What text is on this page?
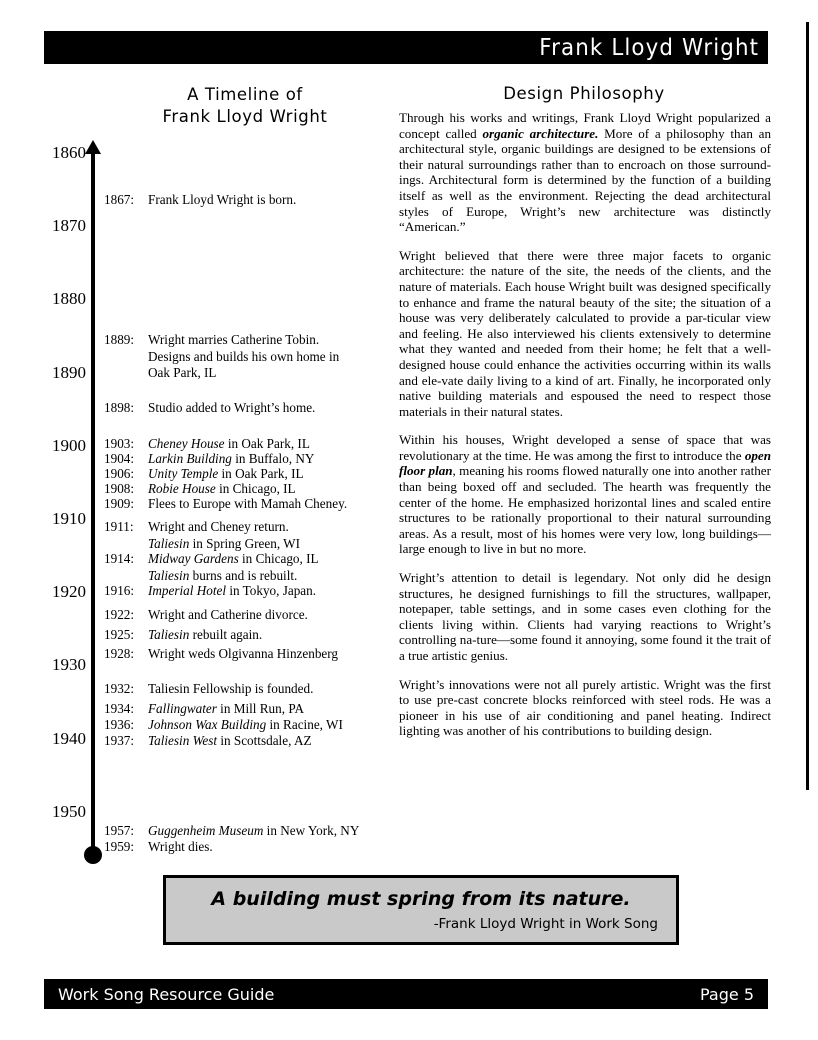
Frank Lloyd Wright
A Timeline of
Frank Lloyd Wright
Design Philosophy
1860
1870
1880
1890
1900
1910
1920
1930
1940
1950
1867: Frank Lloyd Wright is born.
1889: Wright marries Catherine Tobin.
Designs and builds his own home in
Oak Park, IL
1898: Studio added to Wright’s home.
1903: Cheney House in Oak Park, IL
1904: Larkin Building in Buffalo, NY
1906: Unity Temple in Oak Park, IL
1908: Robie House in Chicago, IL
1909: Flees to Europe with Mamah Cheney.
1911: Wright and Cheney return.
Taliesin in Spring Green, WI
1914: Midway Gardens in Chicago, IL
Taliesin burns and is rebuilt.
1916: Imperial Hotel in Tokyo, Japan.
1922: Wright and Catherine divorce.
1925: Taliesin rebuilt again.
1928: Wright weds Olgivanna Hinzenberg
1932: Taliesin Fellowship is founded.
1934: Fallingwater in Mill Run, PA
1936: Johnson Wax Building in Racine, WI
1937: Taliesin West in Scottsdale, AZ
1957: Guggenheim Museum in New York, NY
1959: Wright dies.

Through his works and writings, Frank Lloyd Wright popularized a concept called organic architecture. More of a philosophy than an architectural style, organic buildings are designed to be extensions of their natural surroundings rather than to encroach on those surround-ings. Architectural form is determined by the function of a building itself as well as the environment. Rejecting the dead architectural styles of Europe, Wright’s new architecture was distinctly “American.”

Wright believed that there were three major facets to organic architecture: the nature of the site, the needs of the clients, and the nature of materials. Each house Wright built was designed specifically to enhance and frame the natural beauty of the site; the situation of a house was very deliberately calculated to provide a par-ticular view and feeling. He also interviewed his clients extensively to determine what they wanted and needed from their home; he felt that a well-designed house could enhance the activities occurring within its walls and ele-vate daily living to a kind of art. Finally, he incorporated only native building materials and espoused the need to respect those materials in their natural states.

Within his houses, Wright developed a sense of space that was revolutionary at the time. He was among the first to introduce the open floor plan, meaning his rooms flowed naturally one into another rather than being boxed off and secluded. The hearth was frequently the center of the home. He emphasized horizontal lines and scaled entire structures to be rationally proportional to their natural surrounding areas. As a result, most of his homes were very low, long buildings—large enough to live in but no more.

Wright’s attention to detail is legendary. Not only did he design structures, he designed furnishings to fill the structures, wallpaper, notepaper, table settings, and in some cases even clothing for the clients living within. Clients had varying reactions to Wright’s controlling na-ture—some found it annoying, some found it the trait of a true artistic genius.

Wright’s innovations were not all purely artistic. Wright was the first to use pre-cast concrete blocks reinforced with steel rods. He was a pioneer in his use of air conditioning and panel heating. Indirect lighting was another of his contributions to building design.

A building must spring from its nature.
-Frank Lloyd Wright in Work Song
Work Song Resource Guide	Page 5
